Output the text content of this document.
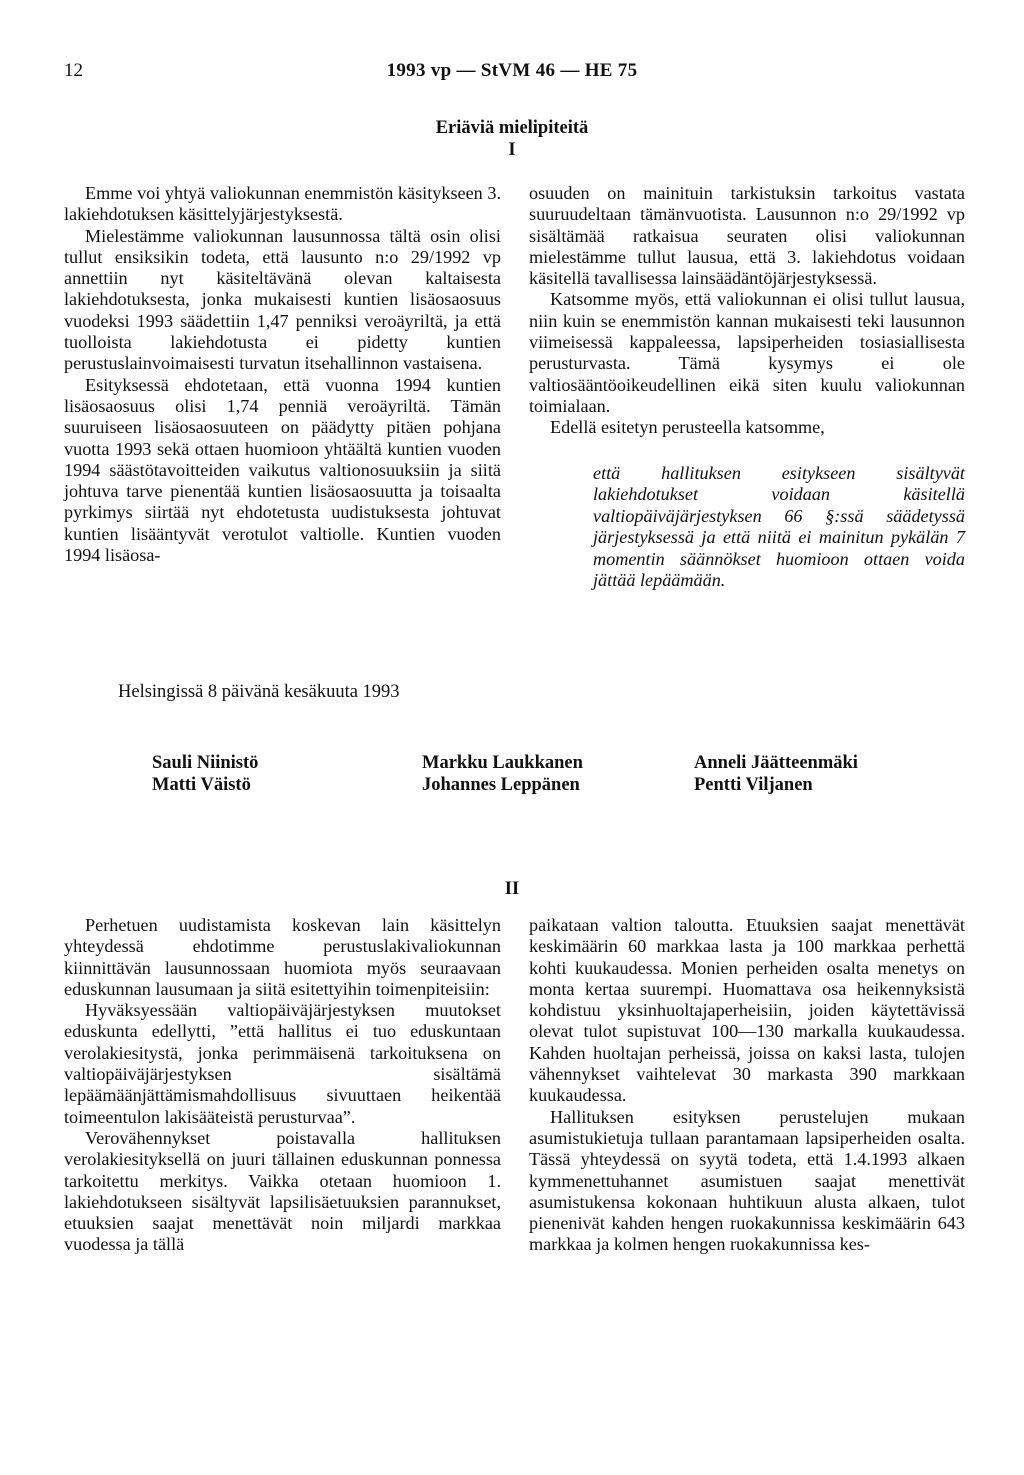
12	1993 vp — StVM 46 — HE 75
Eriäviä mielipiteitä
I

Emme voi yhtyä valiokunnan enemmistön käsitykseen 3. lakiehdotuksen käsittelyjärjestyksestä.

Mielestämme valiokunnan lausunnossa tältä osin olisi tullut ensiksikin todeta, että lausunto n:o 29/1992 vp annettiin nyt käsiteltävänä olevan kaltaisesta lakiehdotuksesta, jonka mukaisesti kuntien lisäosaosuus vuodeksi 1993 säädettiin 1,47 penniksi veroäyriltä, ja että tuolloista lakiehdotusta ei pidetty kuntien perustuslainvoimaisesti turvatun itsehallinnon vastaisena.

Esityksessä ehdotetaan, että vuonna 1994 kuntien lisäosaosuus olisi 1,74 penniä veroäyriltä. Tämän suuruiseen lisäosaosuuteen on päädytty pitäen pohjana vuotta 1993 sekä ottaen huomioon yhtäältä kuntien vuoden 1994 säästötavoitteiden vaikutus valtionosuuksiin ja siitä johtuva tarve pienentää kuntien lisäosaosuutta ja toisaalta pyrkimys siirtää nyt ehdotetusta uudistuksesta johtuvat kuntien lisääntyvät verotulot valtiolle. Kuntien vuoden 1994 lisäosa-

osuuden on mainituin tarkistuksin tarkoitus vastata suuruudeltaan tämänvuotista. Lausunnon n:o 29/1992 vp sisältämää ratkaisua seuraten olisi valiokunnan mielestämme tullut lausua, että 3. lakiehdotus voidaan käsitellä tavallisessa lainsäädäntöjärjestyksessä.

Katsomme myös, että valiokunnan ei olisi tullut lausua, niin kuin se enemmistön kannan mukaisesti teki lausunnon viimeisessä kappaleessa, lapsiperheiden tosiasiallisesta perusturvasta. Tämä kysymys ei ole valtiosääntöoikeudellinen eikä siten kuulu valiokunnan toimialaan.

Edellä esitetyn perusteella katsomme,

että hallituksen esitykseen sisältyvät lakiehdotukset voidaan käsitellä valtiopäiväjärjestyksen 66 §:ssä säädetyssä järjestyksessä ja että niitä ei mainitun pykälän 7 momentin säännökset huomioon ottaen voida jättää lepäämään.

Helsingissä 8 päivänä kesäkuuta 1993
Sauli Niinistö
Matti Väistö
Markku Laukkanen
Johannes Leppänen
Anneli Jäätteenmäki
Pentti Viljanen
II

Perhetuen uudistamista koskevan lain käsittelyn yhteydessä ehdotimme perustuslakivaliokunnan kiinnittävän lausunnossaan huomiota myös seuraavaan eduskunnan lausumaan ja siitä esitettyihin toimenpiteisiin:

Hyväksyessään valtiopäiväjärjestyksen muutokset eduskunta edellytti, ”että hallitus ei tuo eduskuntaan verolakiesitystä, jonka perimmäisenä tarkoituksena on valtiopäiväjärjestyksen sisältämä lepäämäänjättämismahdollisuus sivuuttaen heikentää toimeentulon lakisääteistä perusturvaa”.

Verovähennykset poistavalla hallituksen verolakiesityksellä on juuri tällainen eduskunnan ponnessa tarkoitettu merkitys. Vaikka otetaan huomioon 1. lakiehdotukseen sisältyvät lapsilisäetuuksien parannukset, etuuksien saajat menettävät noin miljardi markkaa vuodessa ja tällä

paikataan valtion taloutta. Etuuksien saajat menettävät keskimäärin 60 markkaa lasta ja 100 markkaa perhettä kohti kuukaudessa. Monien perheiden osalta menetys on monta kertaa suurempi. Huomattava osa heikennyksistä kohdistuu yksinhuoltajaperheisiin, joiden käytettävissä olevat tulot supistuvat 100—130 markalla kuukaudessa. Kahden huoltajan perheissä, joissa on kaksi lasta, tulojen vähennykset vaihtelevat 30 markasta 390 markkaan kuukaudessa.

Hallituksen esityksen perustelujen mukaan asumistukietuja tullaan parantamaan lapsiperheiden osalta. Tässä yhteydessä on syytä todeta, että 1.4.1993 alkaen kymmenettuhannet asumistuen saajat menettivät asumistukensa kokonaan huhtikuun alusta alkaen, tulot pienenivät kahden hengen ruokakunnissa keskimäärin 643 markkaa ja kolmen hengen ruokakunnissa kes-
